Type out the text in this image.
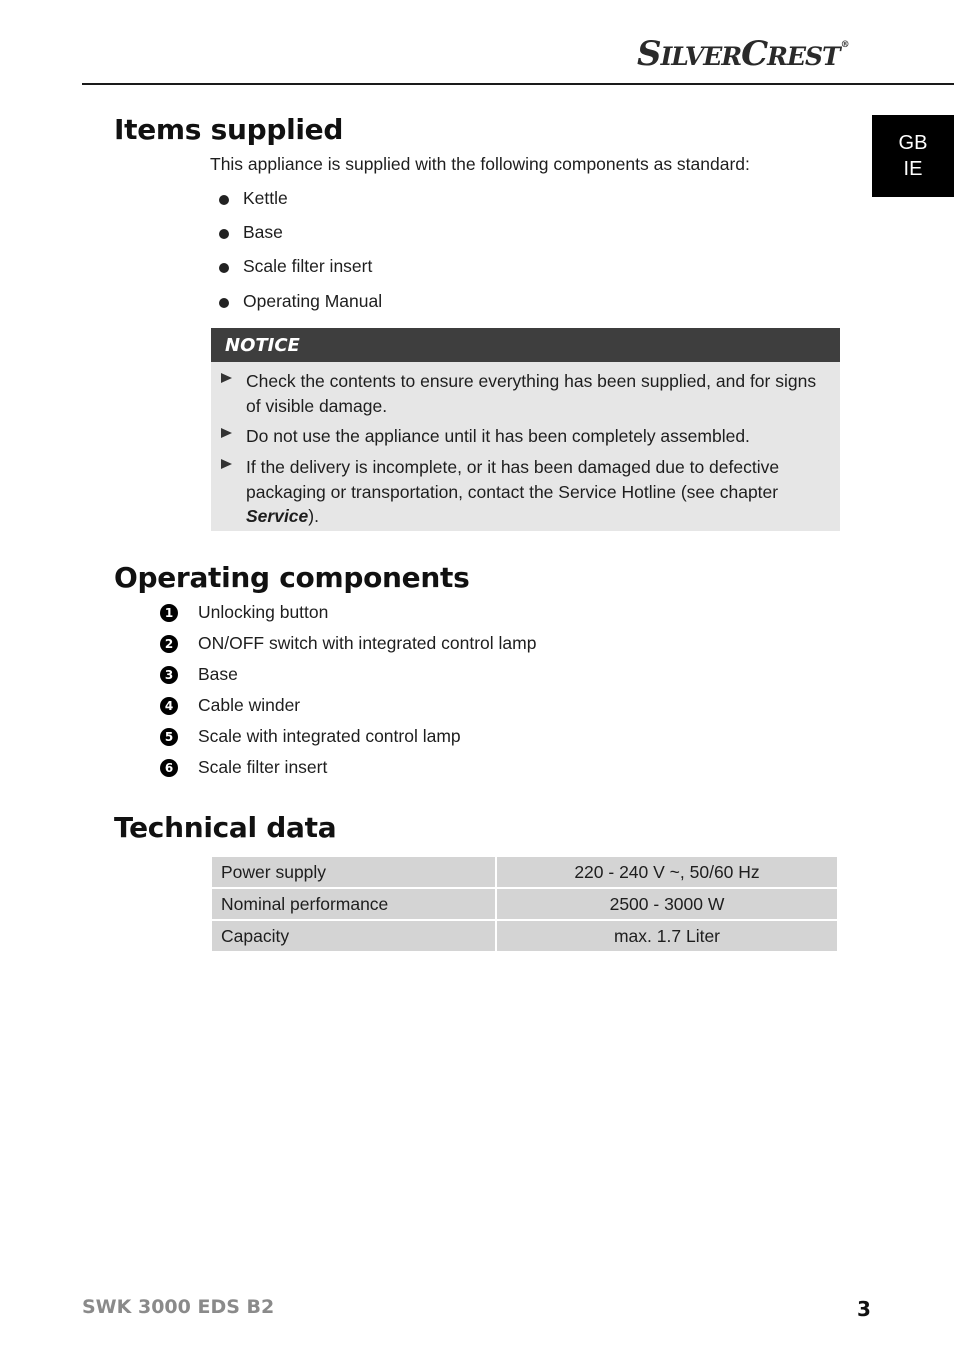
SILVERCREST®
GB
IE
Items supplied
This appliance is supplied with the following components as standard:
Kettle
Base
Scale filter insert
Operating Manual
NOTICE
Check the contents to ensure everything has been supplied, and for signs
of visible damage.
Do not use the appliance until it has been completely assembled.
If the delivery is incomplete, or it has been damaged due to defective
packaging or transportation, contact the Service Hotline (see chapter
Service).
Operating components
1 Unlocking button
2 ON/OFF switch with integrated control lamp
3 Base
4 Cable winder
5 Scale with integrated control lamp
6 Scale filter insert
Technical data
Power supply	220 - 240 V ~, 50/60 Hz
Nominal performance	2500 - 3000 W
Capacity	max. 1.7 Liter
SWK 3000 EDS B2	3
